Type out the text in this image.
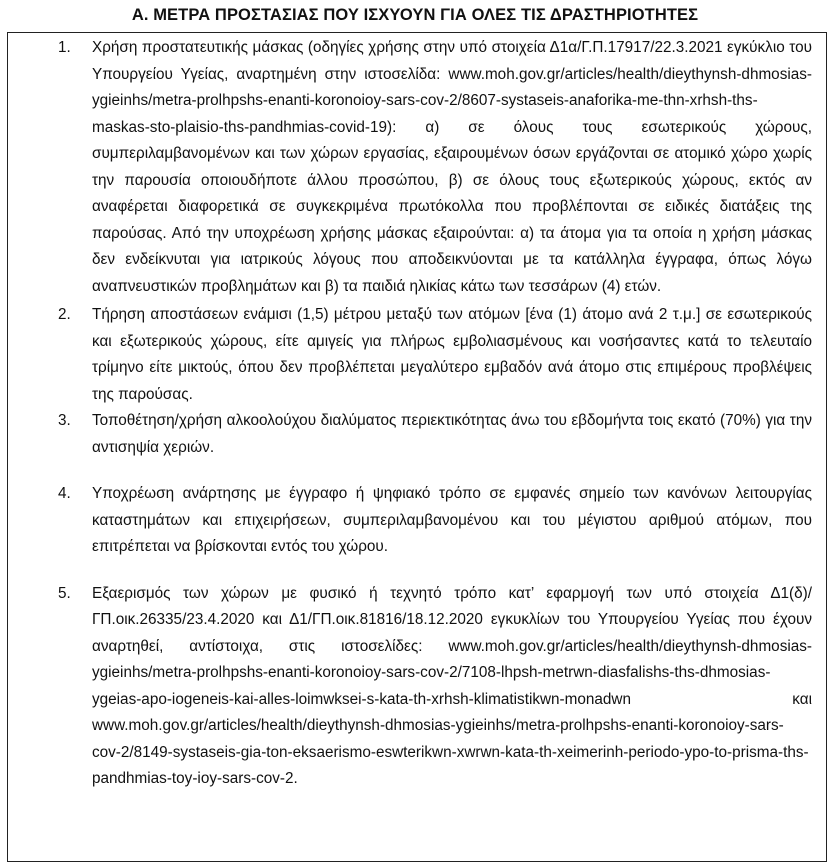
Α. ΜΕΤΡΑ ΠΡΟΣΤΑΣΙΑΣ ΠΟΥ ΙΣΧΥΟΥΝ ΓΙΑ ΟΛΕΣ ΤΙΣ ΔΡΑΣΤΗΡΙΟΤΗΤΕΣ
1.	Χρήση προστατευτικής μάσκας (οδηγίες χρήσης στην υπό στοιχεία Δ1α/Γ.Π.17917/22.3.2021 εγκύκλιο του Υπουργείου Υγείας, αναρτημένη στην ιστοσελίδα: www.moh.gov.gr/articles/health/dieythynsh-dhmosias-ygieinhs/metra-prolhpshs-enanti-koronoioy-sars-cov-2/8607-systaseis-anaforika-me-thn-xrhsh-ths-maskas-sto-plaisio-ths-pandhmias-covid-19): α) σε όλους τους εσωτερικούς χώρους, συμπεριλαμβανομένων και των χώρων εργασίας, εξαιρουμένων όσων εργάζονται σε ατομικό χώρο χωρίς την παρουσία οποιουδήποτε άλλου προσώπου, β) σε όλους τους εξωτερικούς χώρους, εκτός αν αναφέρεται διαφορετικά σε συγκεκριμένα πρωτόκολλα που προβλέπονται σε ειδικές διατάξεις της παρούσας. Από την υποχρέωση χρήσης μάσκας εξαιρούνται: α) τα άτομα για τα οποία η χρήση μάσκας δεν ενδείκνυται για ιατρικούς λόγους που αποδεικνύονται με τα κατάλληλα έγγραφα, όπως λόγω αναπνευστικών προβλημάτων και β) τα παιδιά ηλικίας κάτω των τεσσάρων (4) ετών.
2.	Τήρηση αποστάσεων ενάμισι (1,5) μέτρου μεταξύ των ατόμων [ένα (1) άτομο ανά 2 τ.μ.] σε εσωτερικούς και εξωτερικούς χώρους, είτε αμιγείς για πλήρως εμβολιασμένους και νοσήσαντες κατά το τελευταίο τρίμηνο είτε μικτούς, όπου δεν προβλέπεται μεγαλύτερο εμβαδόν ανά άτομο στις επιμέρους προβλέψεις της παρούσας.
3.	Τοποθέτηση/χρήση αλκοολούχου διαλύματος περιεκτικότητας άνω του εβδομήντα τοις εκατό (70%) για την αντισηψία χεριών.
4.	Υποχρέωση ανάρτησης με έγγραφο ή ψηφιακό τρόπο σε εμφανές σημείο των κανόνων λειτουργίας καταστημάτων και επιχειρήσεων, συμπεριλαμβανομένου και του μέγιστου αριθμού ατόμων, που επιτρέπεται να βρίσκονται εντός του χώρου.
5.	Εξαερισμός των χώρων με φυσικό ή τεχνητό τρόπο κατ’ εφαρμογή των υπό στοιχεία Δ1(δ)/ΓΠ.οικ.26335/23.4.2020 και Δ1/ΓΠ.οικ.81816/18.12.2020 εγκυκλίων του Υπουργείου Υγείας που έχουν αναρτηθεί, αντίστοιχα, στις ιστοσελίδες: www.moh.gov.gr/articles/health/dieythynsh-dhmosias-ygieinhs/metra-prolhpshs-enanti-koronoioy-sars-cov-2/7108-lhpsh-metrwn-diasfalishs-ths-dhmosias-ygeias-apo-iogeneis-kai-alles-loimwksei-s-kata-th-xrhsh-klimatistikwn-monadwn και www.moh.gov.gr/articles/health/dieythynsh-dhmosias-ygieinhs/metra-prolhpshs-enanti-koronoioy-sars-cov-2/8149-systaseis-gia-ton-eksaerismo-eswterikwn-xwrwn-kata-th-xeimerinh-periodo-ypo-to-prisma-ths-pandhmias-toy-ioy-sars-cov-2.
